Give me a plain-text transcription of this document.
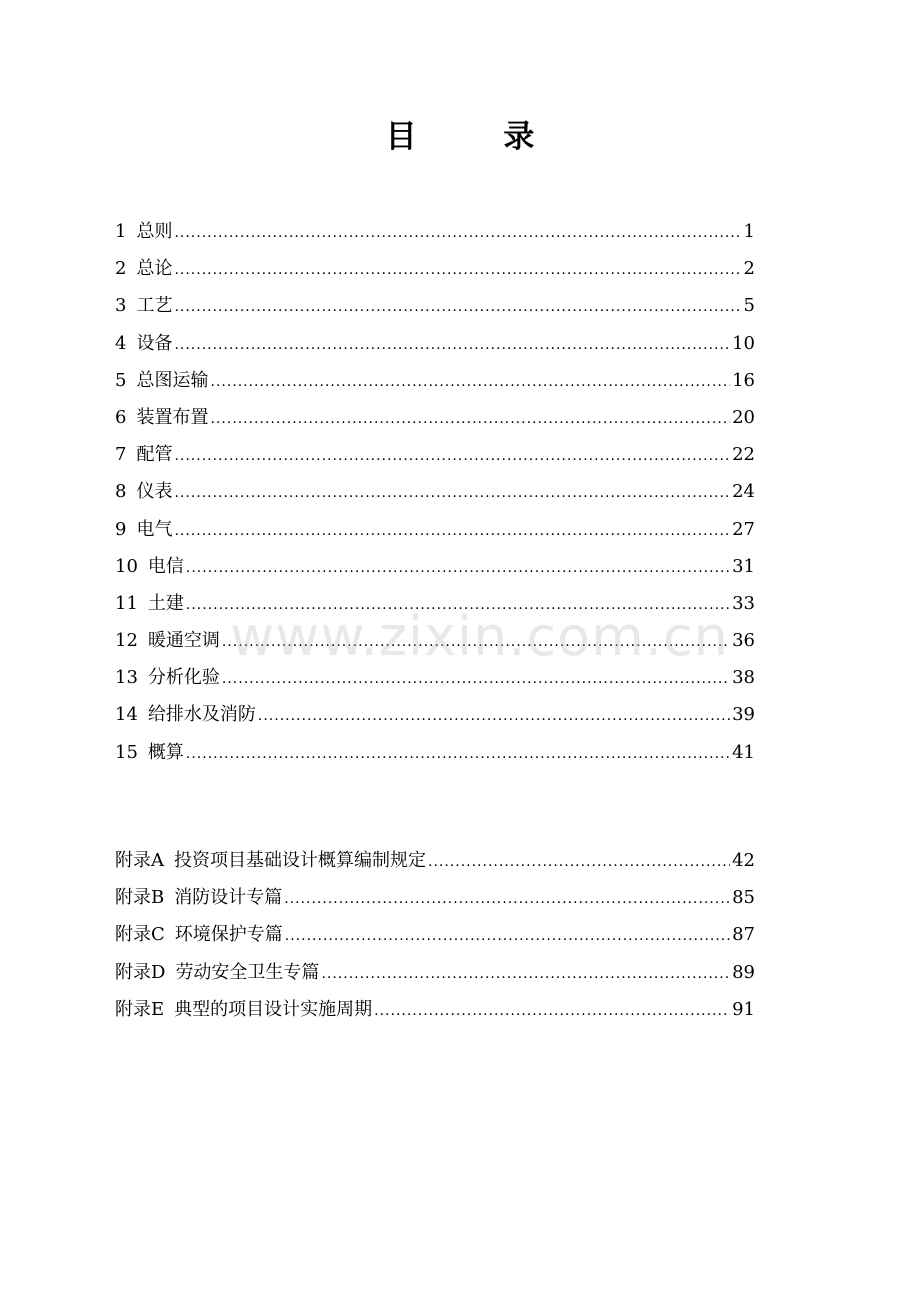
目 录
1 总则 .....	1
2 总论 .....	2
3 工艺 .....	5
4 设备 .....	10
5 总图运输 .....	16
6 装置布置 .....	20
7 配管 .....	22
8 仪表 .....	24
9 电气 .....	27
10 电信 .....	31
11 土建 .....	33
12 暖通空调 .....	36
13 分析化验 .....	38
14 给排水及消防 .....	39
15 概算 .....	41
附录A 投资项目基础设计概算编制规定 .....	42
附录B 消防设计专篇 .....	85
附录C 环境保护专篇 .....	87
附录D 劳动安全卫生专篇 .....	89
附录E 典型的项目设计实施周期 .....	91
www.zixin.com.cn
